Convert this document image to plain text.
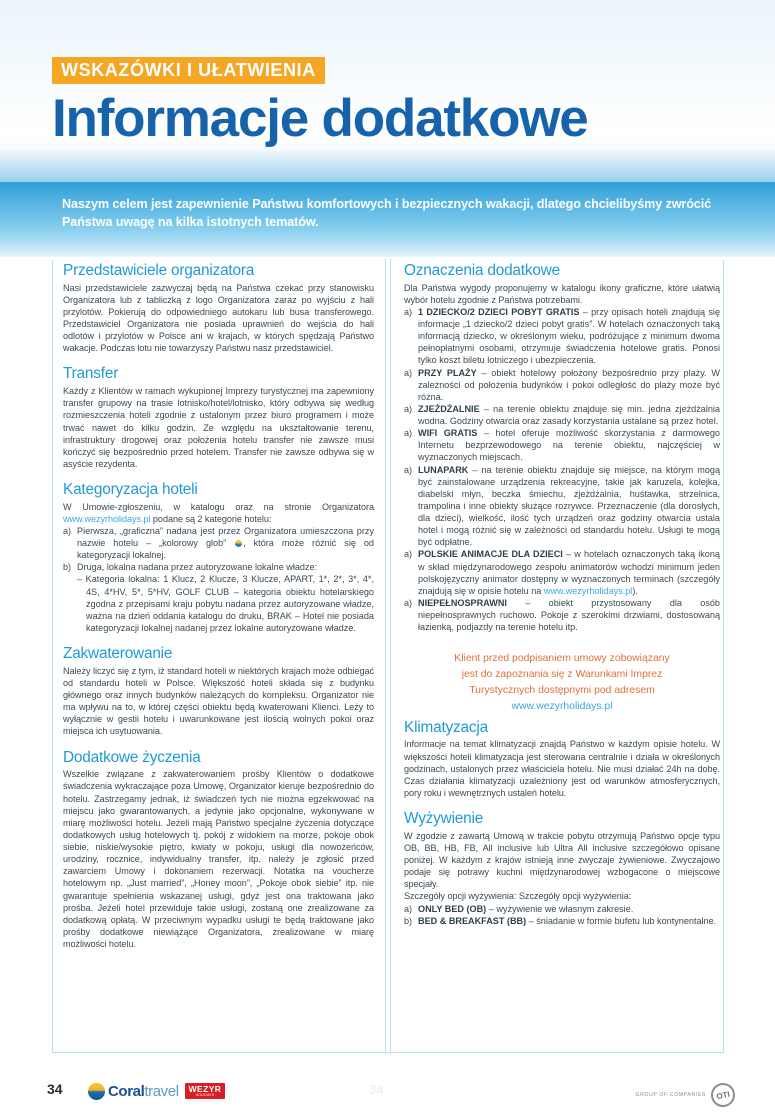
WSKAZÓWKI I UŁATWIENIA
Informacje dodatkowe
Naszym celem jest zapewnienie Państwu komfortowych i bezpiecznych wakacji, dlatego chcielibyśmy zwrócić Państwa uwagę na kilka istotnych tematów.
Przedstawiciele organizatora

Nasi przedstawiciele zazwyczaj będą na Państwa czekać przy stanowisku Organizatora lub z tabliczką z logo Organizatora zaraz po wyjściu z hali przylotów. Pokierują do odpowiedniego autokaru lub busa transferowego. Przedstawiciel Organizatora nie posiada uprawnień do wejścia do hali odlotów i przylotów w Polsce ani w krajach, w których spędzają Państwo wakacje. Podczas lotu nie towarzyszy Państwu nasz przedstawiciel.

Transfer

Każdy z Klientów w ramach wykupionej Imprezy turystycznej ma zapewniony transfer grupowy na trasie lotnisko/hotel/lotnisko, który odbywa się według rozmieszczenia hoteli zgodnie z ustalonym przez biuro programem i może trwać nawet do kilku godzin. Ze względu na ukształtowanie terenu, infrastruktury drogowej oraz położenia hotelu transfer nie zawsze musi kończyć się bezpośrednio przed hotelem. Transfer nie zawsze odbywa się w asyście rezydenta.

Kategoryzacja hoteli

W Umowie-zgłoszeniu, w katalogu oraz na stronie Organizatora www.wezyrholidays.pl podane są 2 kategorie hotelu:

a) Pierwsza, „graficzna” nadana jest przez Organizatora umieszczona przy nazwie hotelu – „kolorowy glob” , która może różnić się od kategoryzacji lokalnej.
b) Druga, lokalna nadana przez autoryzowane lokalne władze:
– Kategoria lokalna: 1 Klucz, 2 Klucze, 3 Klucze, APART, 1*, 2*, 3*, 4*, 4S, 4*HV, 5*, 5*HV, GOLF CLUB – kategoria obiektu hotelarskiego zgodna z przepisami kraju pobytu nadana przez autoryzowane władze, ważna na dzień oddania katalogu do druku, BRAK – Hotel nie posiada kategoryzacji lokalnej nadanej przez lokalne autoryzowane władze.
Zakwaterowanie

Należy liczyć się z tym, iż standard hoteli w niektórych krajach może odbiegać od standardu hoteli w Polsce. Większość hoteli składa się z budynku głównego oraz innych budynków należących do kompleksu. Organizator nie ma wpływu na to, w której części obiektu będą kwaterowani Klienci. Leży to wyłącznie w gestii hotelu i uwarunkowane jest ilością wolnych pokoi oraz miejsca ich usytuowania.

Dodatkowe życzenia

Wszelkie związane z zakwaterowaniem prośby Klientów o dodatkowe świadczenia wykraczające poza Umowę, Organizator kieruje bezpośrednio do hotelu. Zastrzegamy jednak, iż świadczeń tych nie można egzekwować na miejscu jako gwarantowanych, a jedynie jako opcjonalne, wykonywane w miarę możliwości hotelu. Jeżeli mają Państwo specjalne życzenia dotyczące dodatkowych usług hotelowych tj. pokój z widokiem na morze, pokoje obok siebie, niskie/wysokie piętro, kwiaty w pokoju, usługi dla nowożeńców, urodziny, rocznice, indywidualny transfer, itp. należy je zgłosić przed zawarciem Umowy i dokonaniem rezerwacji. Notatka na voucherze hotelowym np. „Just married”, „Honey moon”, „Pokoje obok siebie” itp. nie gwarantuje spełnienia wskazanej usługi, gdyż jest ona traktowana jako prośba. Jeżeli hotel przewiduje takie usługi, zostaną one zrealizowane za dodatkową opłatą. W przeciwnym wypadku usługi te będą traktowane jako prośby dodatkowe niewiążące Organizatora, zrealizowane w miarę możliwości hotelu.

Oznaczenia dodatkowe

Dla Państwa wygody proponujemy w katalogu ikony graficzne, które ułatwią wybór hotelu zgodnie z Państwa potrzebami.

a) 1 DZIECKO/2 DZIECI POBYT GRATIS – przy opisach hoteli znajdują się informacje „1 dziecko/2 dzieci pobyt gratis”. W hotelach oznaczonych taką informacją dziecko, w określonym wieku, podróżujące z minimum dwoma pełnopłatnymi osobami, otrzymuje świadczenia hotelowe gratis. Ponosi tylko koszt biletu lotniczego i ubezpieczenia.
a) PRZY PLAŻY – obiekt hotelowy położony bezpośrednio przy plaży. W zależności od położenia budynków i pokoi odległość do plaży może być różna.
a) ZJEŻDŻALNIE – na terenie obiektu znajduje się min. jedna zjeżdżalnia wodna. Godziny otwarcia oraz zasady korzystania ustalane są przez hotel.
a) WIFI GRATIS – hotel oferuje możliwość skorzystania z darmowego Internetu bezprzewodowego na terenie obiektu, najczęściej w wyznaczonych miejscach.
a) LUNAPARK – na terenie obiektu znajduje się miejsce, na którym mogą być zainstalowane urządzenia rekreacyjne, takie jak karuzela, kolejka, diabelski młyn, beczka śmiechu, zjeżdżalnia, huśtawka, strzelnica, trampolina i inne obiekty służące rozrywce. Przeznaczenie (dla dorosłych, dla dzieci), wielkość, ilość tych urządzeń oraz godziny otwarcia ustala hotel i mogą różnić się w zależności od standardu hotelu. Usługi te mogą być odpłatne.
a) POLSKIE ANIMACJE DLA DZIECI – w hotelach oznaczonych taką ikoną w skład międzynarodowego zespołu animatorów wchodzi minimum jeden polskojęzyczny animator dostępny w wyznaczonych terminach (szczegóły znajdują się w opisie hotelu na www.wezyrholidays.pl).
a) NIEPEŁNOSPRAWNI – obiekt przystosowany dla osób niepełnosprawnych ruchowo. Pokoje z szerokimi drzwiami, dostosowaną łazienką, podjazdy na terenie hotelu itp.
Klient przed podpisaniem umowy zobowiązany
jest do zapoznania się z Warunkami Imprez
Turystycznych dostępnymi pod adresem
www.wezyrholidays.pl
Klimatyzacja

Informacje na temat klimatyzacji znajdą Państwo w każdym opisie hotelu. W większości hoteli klimatyzacja jest sterowana centralnie i działa w określonych godzinach, ustalonych przez właściciela hotelu. Nie musi działać 24h na dobę. Czas działania klimatyzacji uzależniony jest od warunków atmosferycznych, pory roku i wewnętrznych ustaleń hotelu.

Wyżywienie

W zgodzie z zawartą Umową w trakcie pobytu otrzymują Państwo opcje typu OB, BB, HB, FB, All inclusive lub Ultra All inclusive szczegółowo opisane poniżej. W każdym z krajów istnieją inne zwyczaje żywieniowe. Zwyczajowo podaje się potrawy kuchni międzynarodowej wzbogacone o miejscowe specjały.

Szczegóły opcji wyżywienia: Szczegóły opcji wyżywienia:

a) ONLY BED (OB) – wyżywienie we własnym zakresie.
b) BED & BREAKFAST (BB) – śniadanie w formie bufetu lub kontynentalne.
34	34
Coraltravel	WEZYR
HOLIDAYS	GROUP OF COMPANIES	OTI
